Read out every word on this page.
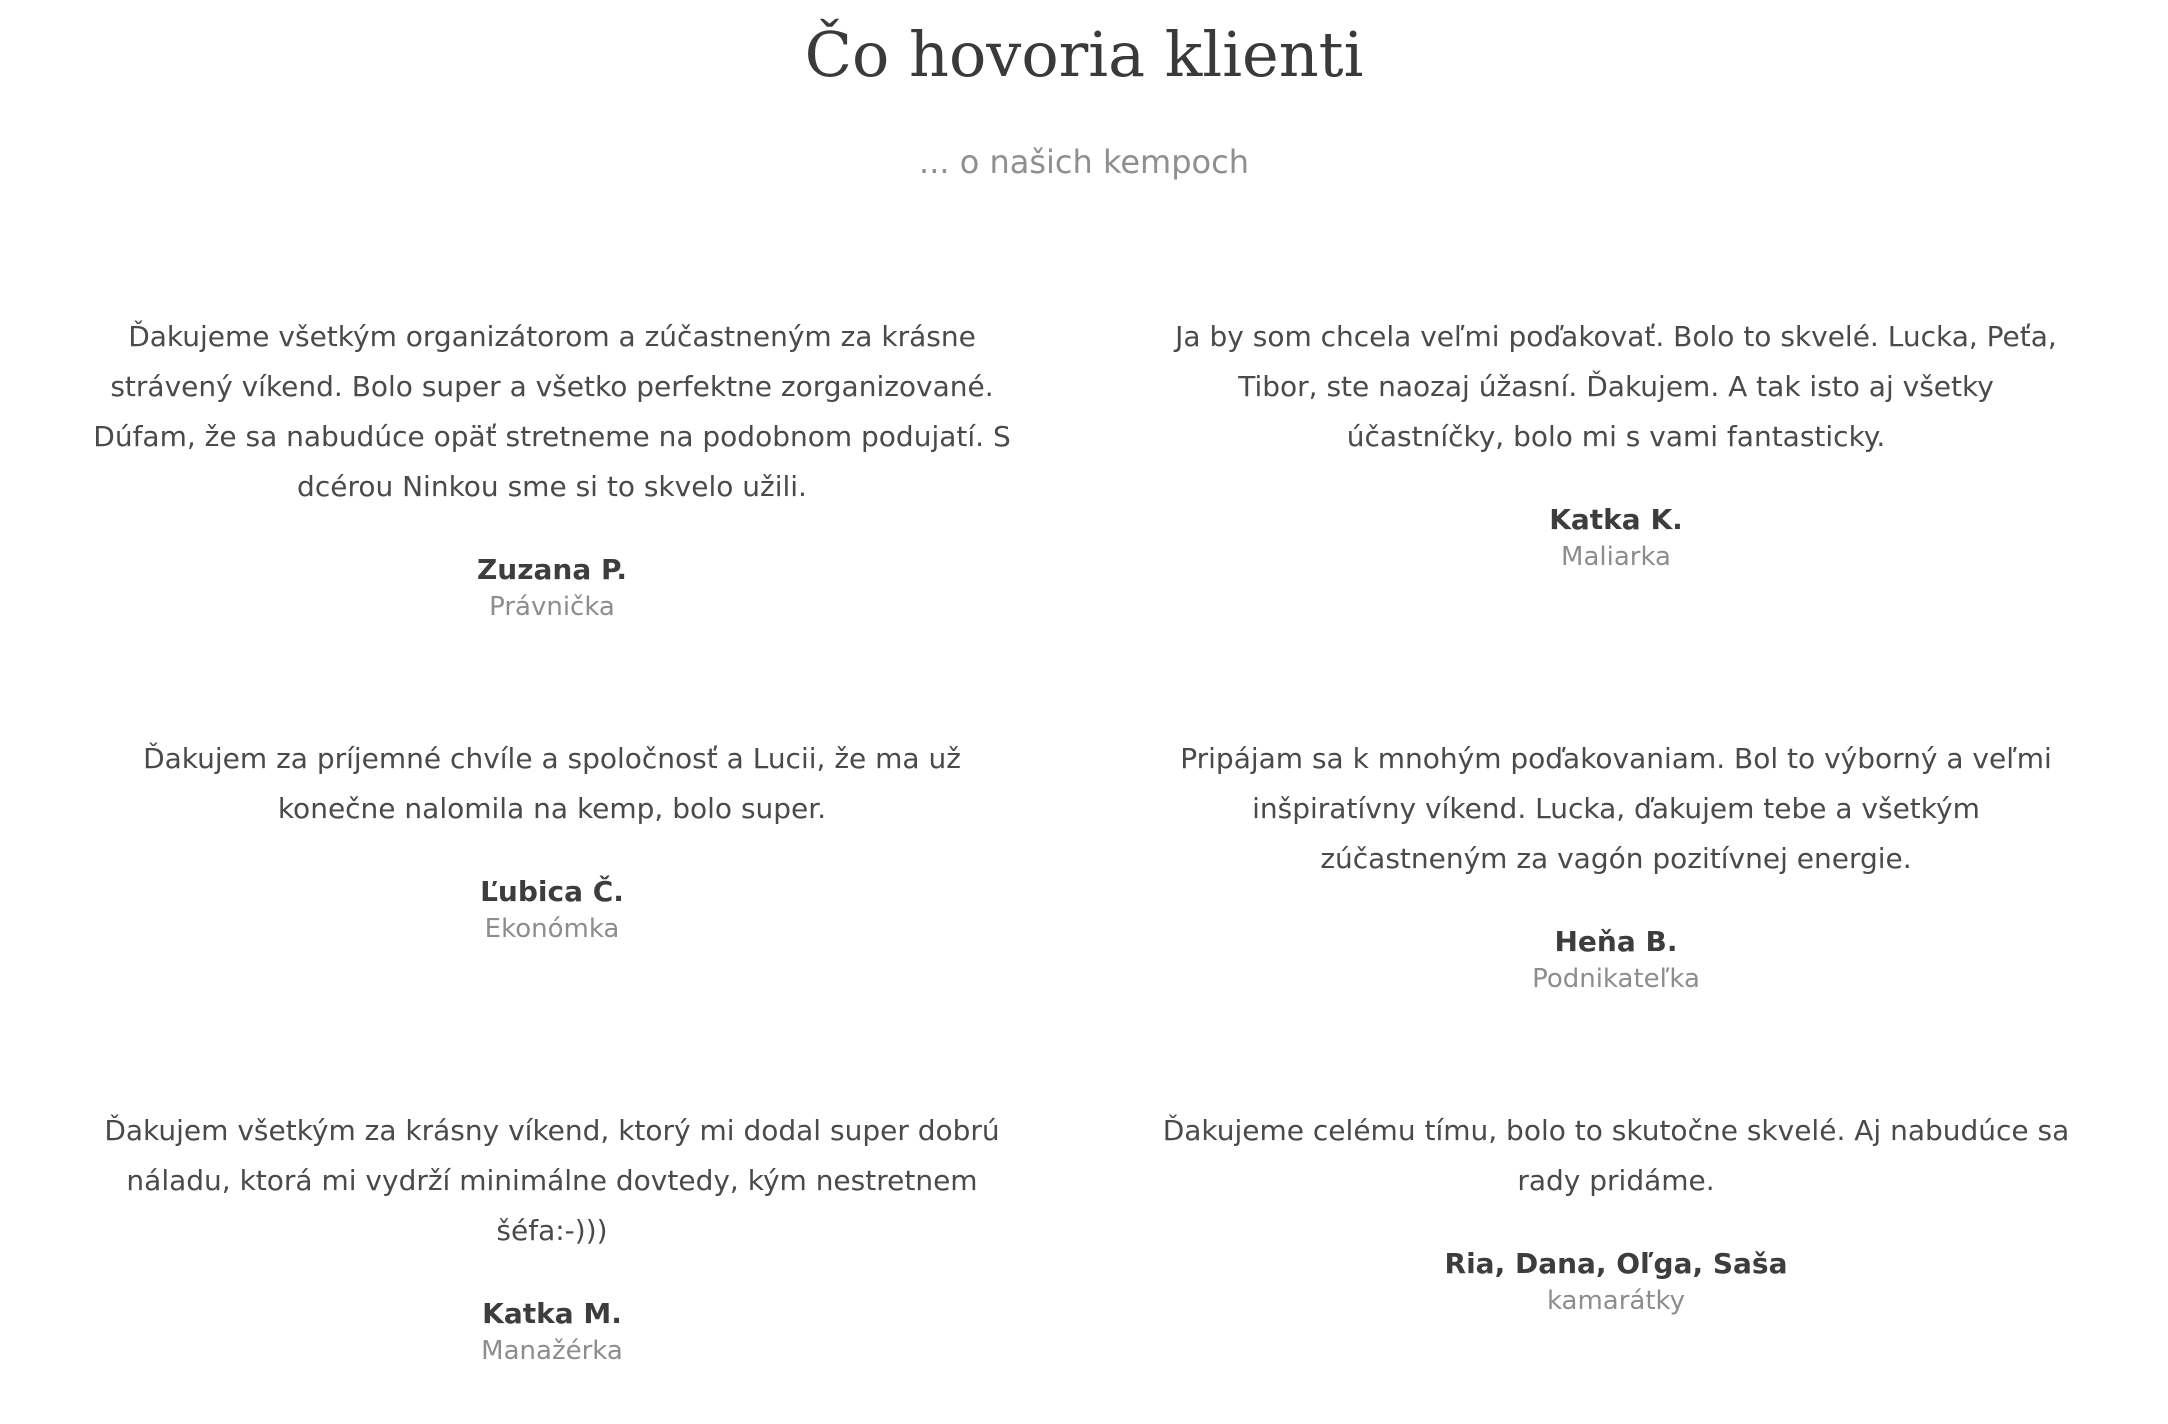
Čo hovoria klienti

... o našich kempoch

Ďakujeme všetkým organizátorom a zúčastneným za krásne strávený víkend. Bolo super a všetko perfektne zorganizované. Dúfam, že sa nabudúce opäť stretneme na podobnom podujatí. S dcérou Ninkou sme si to skvelo užili.
Zuzana P.
Právnička
Ja by som chcela veľmi poďakovať. Bolo to skvelé. Lucka, Peťa, Tibor, ste naozaj úžasní. Ďakujem. A tak isto aj všetky účastníčky, bolo mi s vami fantasticky.
Katka K.
Maliarka
Ďakujem za príjemné chvíle a spoločnosť a Lucii, že ma už konečne nalomila na kemp, bolo super.
Ľubica Č.
Ekonómka
Pripájam sa k mnohým poďakovaniam. Bol to výborný a veľmi inšpiratívny víkend. Lucka, ďakujem tebe a všetkým zúčastneným za vagón pozitívnej energie.
Heňa B.
Podnikateľka
Ďakujem všetkým za krásny víkend, ktorý mi dodal super dobrú náladu, ktorá mi vydrží minimálne dovtedy, kým nestretnem šéfa:-)))
Katka M.
Manažérka
Ďakujeme celému tímu, bolo to skutočne skvelé. Aj nabudúce sa rady pridáme.
Ria, Dana, Oľga, Saša
kamarátky
